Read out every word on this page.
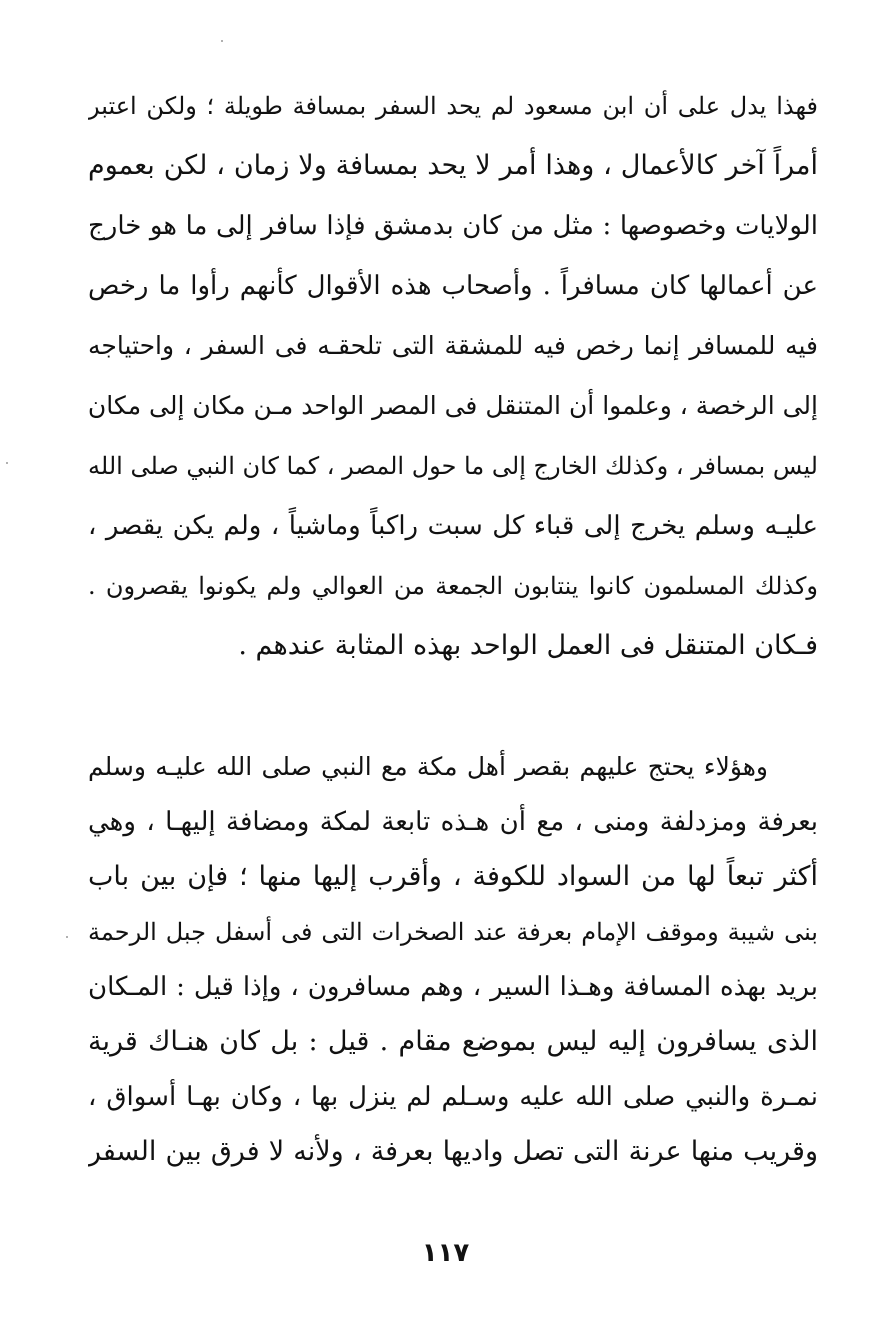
فهذا يدل على أن ابن مسعود لم يحد السفر بمسافة طويلة ؛ ولكن اعتبر
أمراً آخر كالأعمال ، وهذا أمر لا يحد بمسافة ولا زمان ، لكن بعموم
الولايات وخصوصها : مثل من كان بدمشق فإذا سافر إلى ما هو خارج
عن أعمالها كان مسافراً . وأصحاب هذه الأقوال كأنهم رأوا ما رخص
فيه للمسافر إنما رخص فيه للمشقة التى تلحقـه فى السفر ، واحتياجه
إلى الرخصة ، وعلموا أن المتنقل فى المصر الواحد مـن مكان إلى مكان
ليس بمسافر ، وكذلك الخارج إلى ما حول المصر ، كما كان النبي صلى الله
عليـه وسلم يخرج إلى قباء كل سبت راكباً وماشياً ، ولم يكن يقصر ،
وكذلك المسلمون كانوا ينتابون الجمعة من العوالي ولم يكونوا يقصرون .
فـكان المتنقل فى العمل الواحد بهذه المثابة عندهم .
وهؤلاء يحتج عليهم بقصر أهل مكة مع النبي صلى الله عليـه وسلم
بعرفة ومزدلفة ومنى ، مع أن هـذه تابعة لمكة ومضافة إليهـا ، وهي
أكثر تبعاً لها من السواد للكوفة ، وأقرب إليها منها ؛ فإن بين باب
بنى شيبة وموقف الإمام بعرفة عند الصخرات التى فى أسفل جبل الرحمة
بريد بهذه المسافة وهـذا السير ، وهم مسافرون ، وإذا قيل : المـكان
الذى يسافرون إليه ليس بموضع مقام . قيل : بل كان هنـاك قرية
نمـرة والنبي صلى الله عليه وسـلم لم ينزل بها ، وكان بهـا أسواق ،
وقريب منها عرنة التى تصل واديها بعرفة ، ولأنه لا فرق بين السفر
١١٧
